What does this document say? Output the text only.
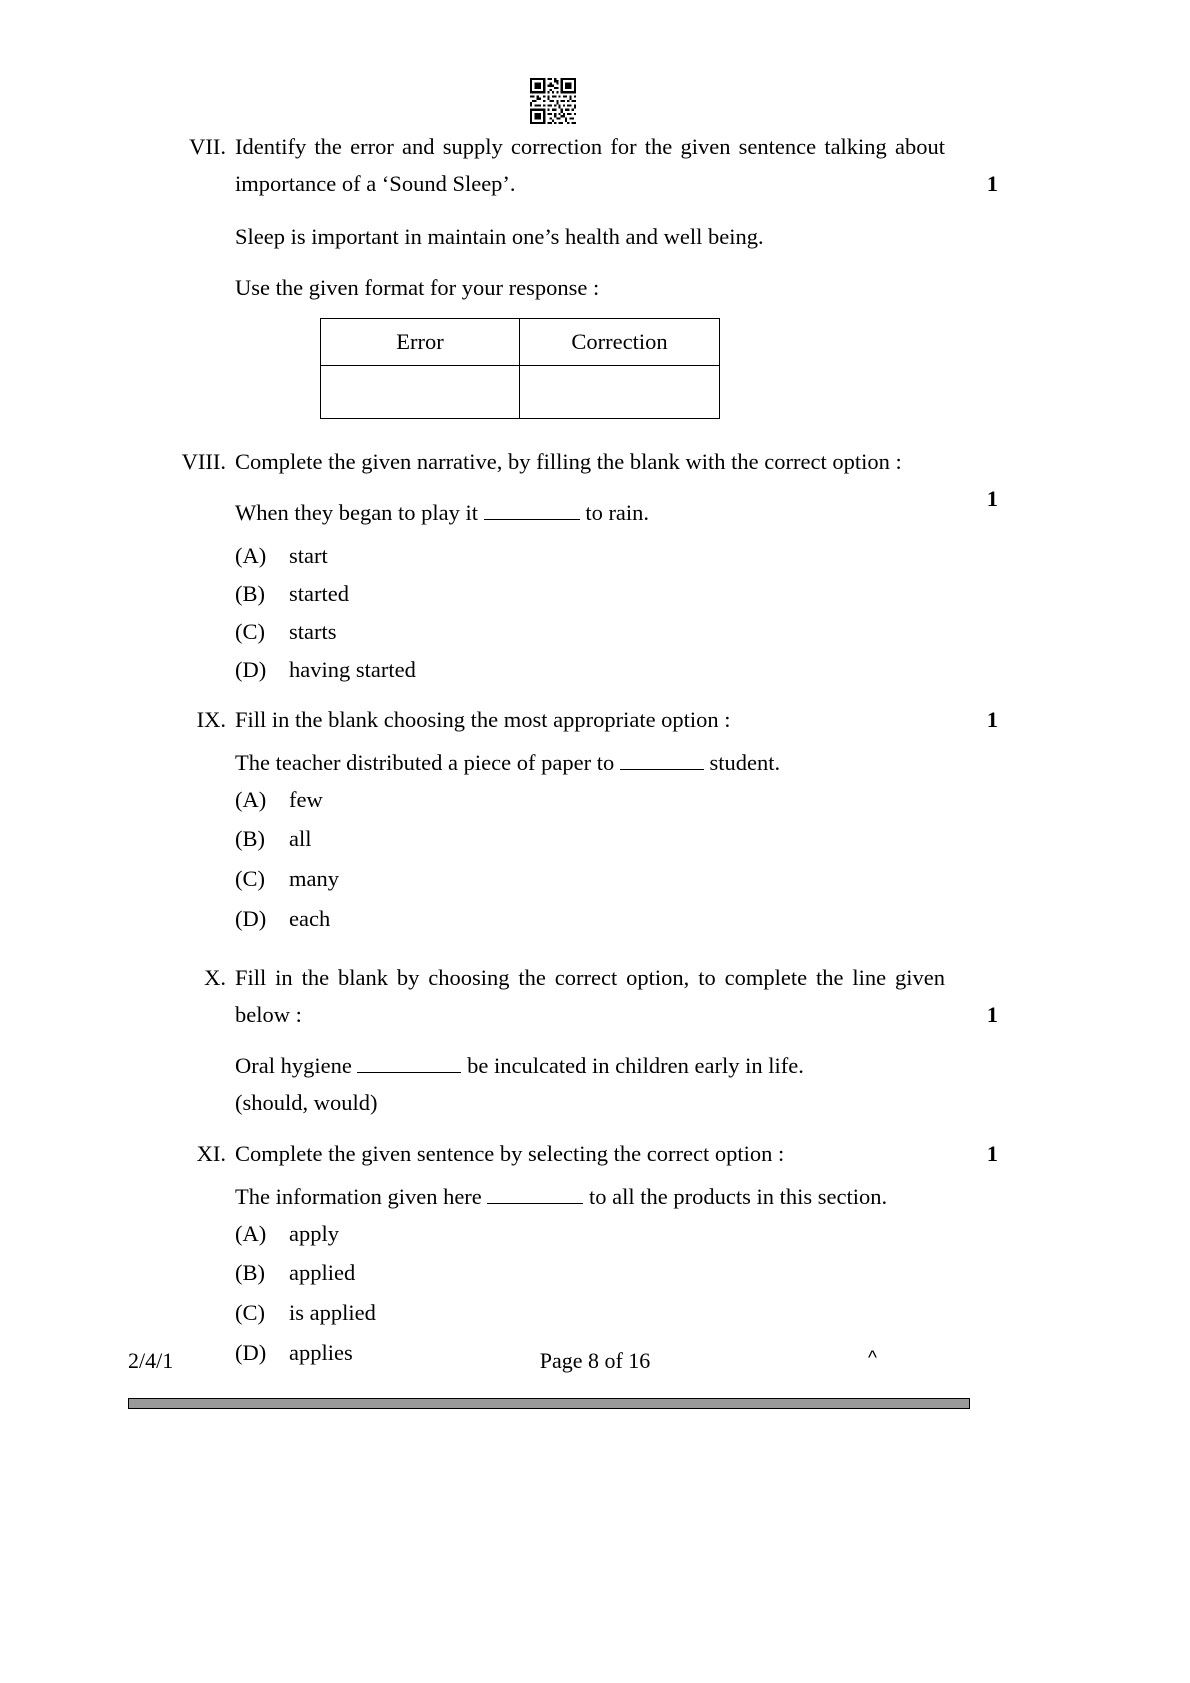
VII. Identify the error and supply correction for the given sentence talking about importance of a ‘Sound Sleep’.	1
Sleep is important in maintain one’s health and well being.
Use the given format for your response :
Error	Correction

VIII. Complete the given narrative, by filling the blank with the correct option :
1
When they began to play it	to rain.
(A)	start
(B)	started
(C)	starts
(D)	having started
IX. Fill in the blank choosing the most appropriate option :	1
The teacher distributed a piece of paper to	student.
(A)	few
(B)	all
(C)	many
(D)	each
X. Fill in the blank by choosing the correct option, to complete the line given below :	1
Oral hygiene	be inculcated in children early in life.
(should, would)
XI. Complete the given sentence by selecting the correct option :	1
The information given here	to all the products in this section.
(A)	apply
(B)	applied
(C)	is applied
(D)	applies
2/4/1	Page 8 of 16	^
